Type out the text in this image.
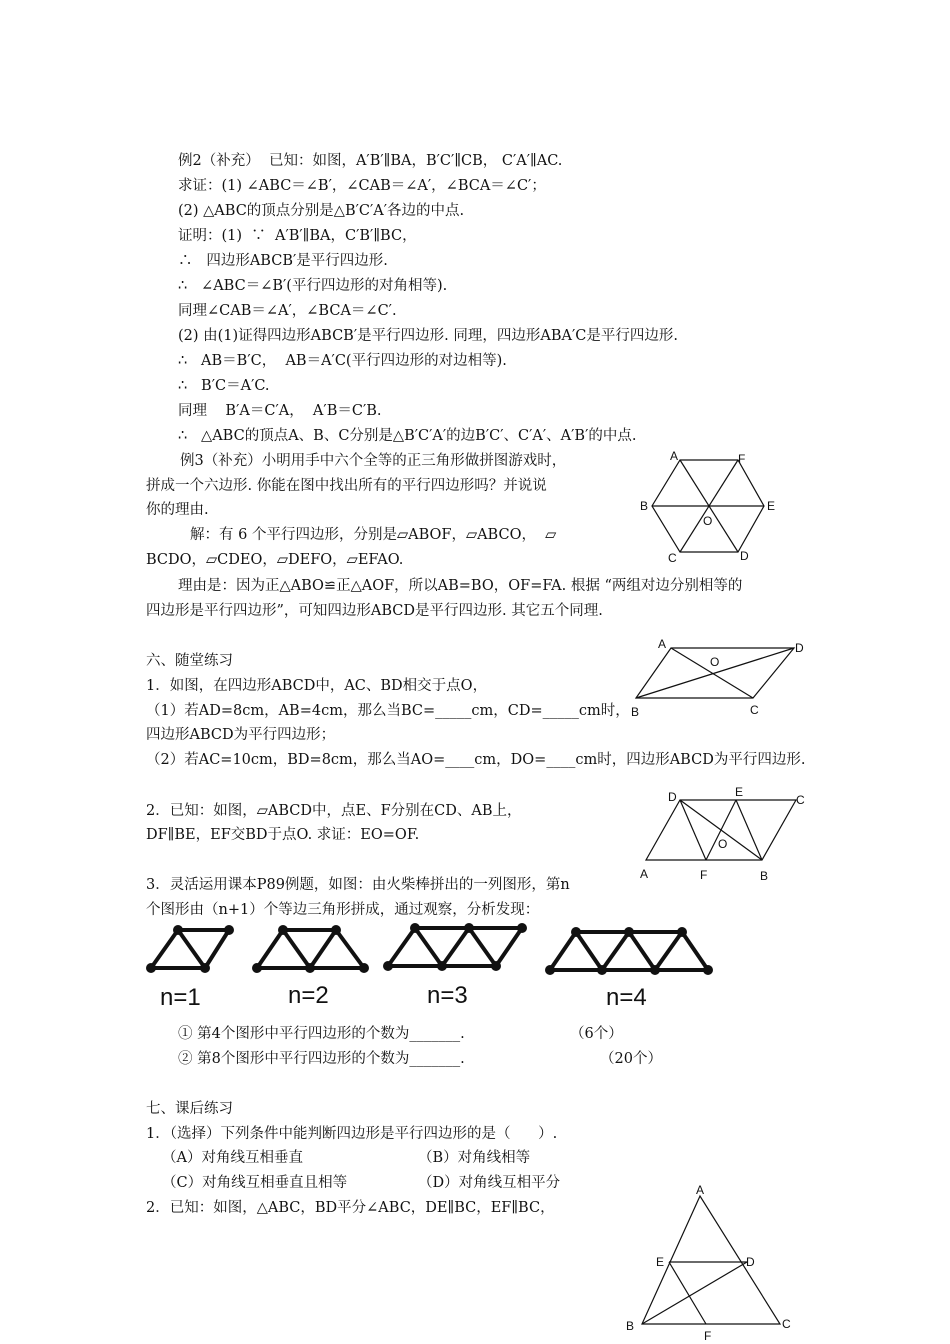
例2（补充）  已知：如图，A′B′∥BA，B′C′∥CB， C′A′∥AC.
求证：(1) ∠ABC＝∠B′，∠CAB＝∠A′，∠BCA＝∠C′；
(2) △ABC的顶点分别是△B′C′A′各边的中点.
证明：(1)  ∵  A′B′∥BA，C′B′∥BC，
∴   四边形ABCB′是平行四边形.
∴   ∠ABC＝∠B′(平行四边形的对角相等).
同理∠CAB＝∠A′，∠BCA＝∠C′.
(2) 由(1)证得四边形ABCB′是平行四边形. 同理，四边形ABA′C是平行四边形.
∴   AB＝B′C，  AB＝A′C(平行四边形的对边相等).
∴   B′C＝A′C.
同理    B′A＝C′A，  A′B＝C′B.
∴   △ABC的顶点A、B、C分别是△B′C′A′的边B′C′、C′A′、A′B′的中点.
例3（补充）小明用手中六个全等的正三角形做拼图游戏时，
拼成一个六边形. 你能在图中找出所有的平行四边形吗？并说说
你的理由.
解：有 6 个平行四边形，分别是▱ABOF，▱ABCO，  ▱
BCDO，▱CDEO，▱DEFO，▱EFAO.
理由是：因为正△ABO≌正△AOF，所以AB=BO，OF=FA. 根据 “两组对边分别相等的
四边形是平行四边形”，可知四边形ABCD是平行四边形. 其它五个同理.
A	F
B	E
O
C	D
六、随堂练习
1．如图，在四边形ABCD中，AC、BD相交于点O，
（1）若AD=8cm，AB=4cm，那么当BC=_____cm，CD=_____cm时，
四边形ABCD为平行四边形；
（2）若AC=10cm，BD=8cm，那么当AO=____cm，DO=____cm时，四边形ABCD为平行四边形.
A
O
D
B	C
2．已知：如图，▱ABCD中，点E、F分别在CD、AB上，
DF∥BE，EF交BD于点O. 求证：EO=OF.
D	E
C
O
A	F	B
3．灵活运用课本P89例题，如图：由火柴棒拼出的一列图形，第n
个图形由（n+1）个等边三角形拼成，通过观察，分析发现：
n=1	n=2	n=3	n=4
① 第4个图形中平行四边形的个数为_______.	（6个）
② 第8个图形中平行四边形的个数为_______.	（20个）
七、课后练习
1．（选择）下列条件中能判断四边形是平行四边形的是（      ）.
（A）对角线互相垂直	（B）对角线相等
（C）对角线互相垂直且相等	（D）对角线互相平分
2．已知：如图，△ABC，BD平分∠ABC，DE∥BC，EF∥BC，
A
E	D
B
F
C
